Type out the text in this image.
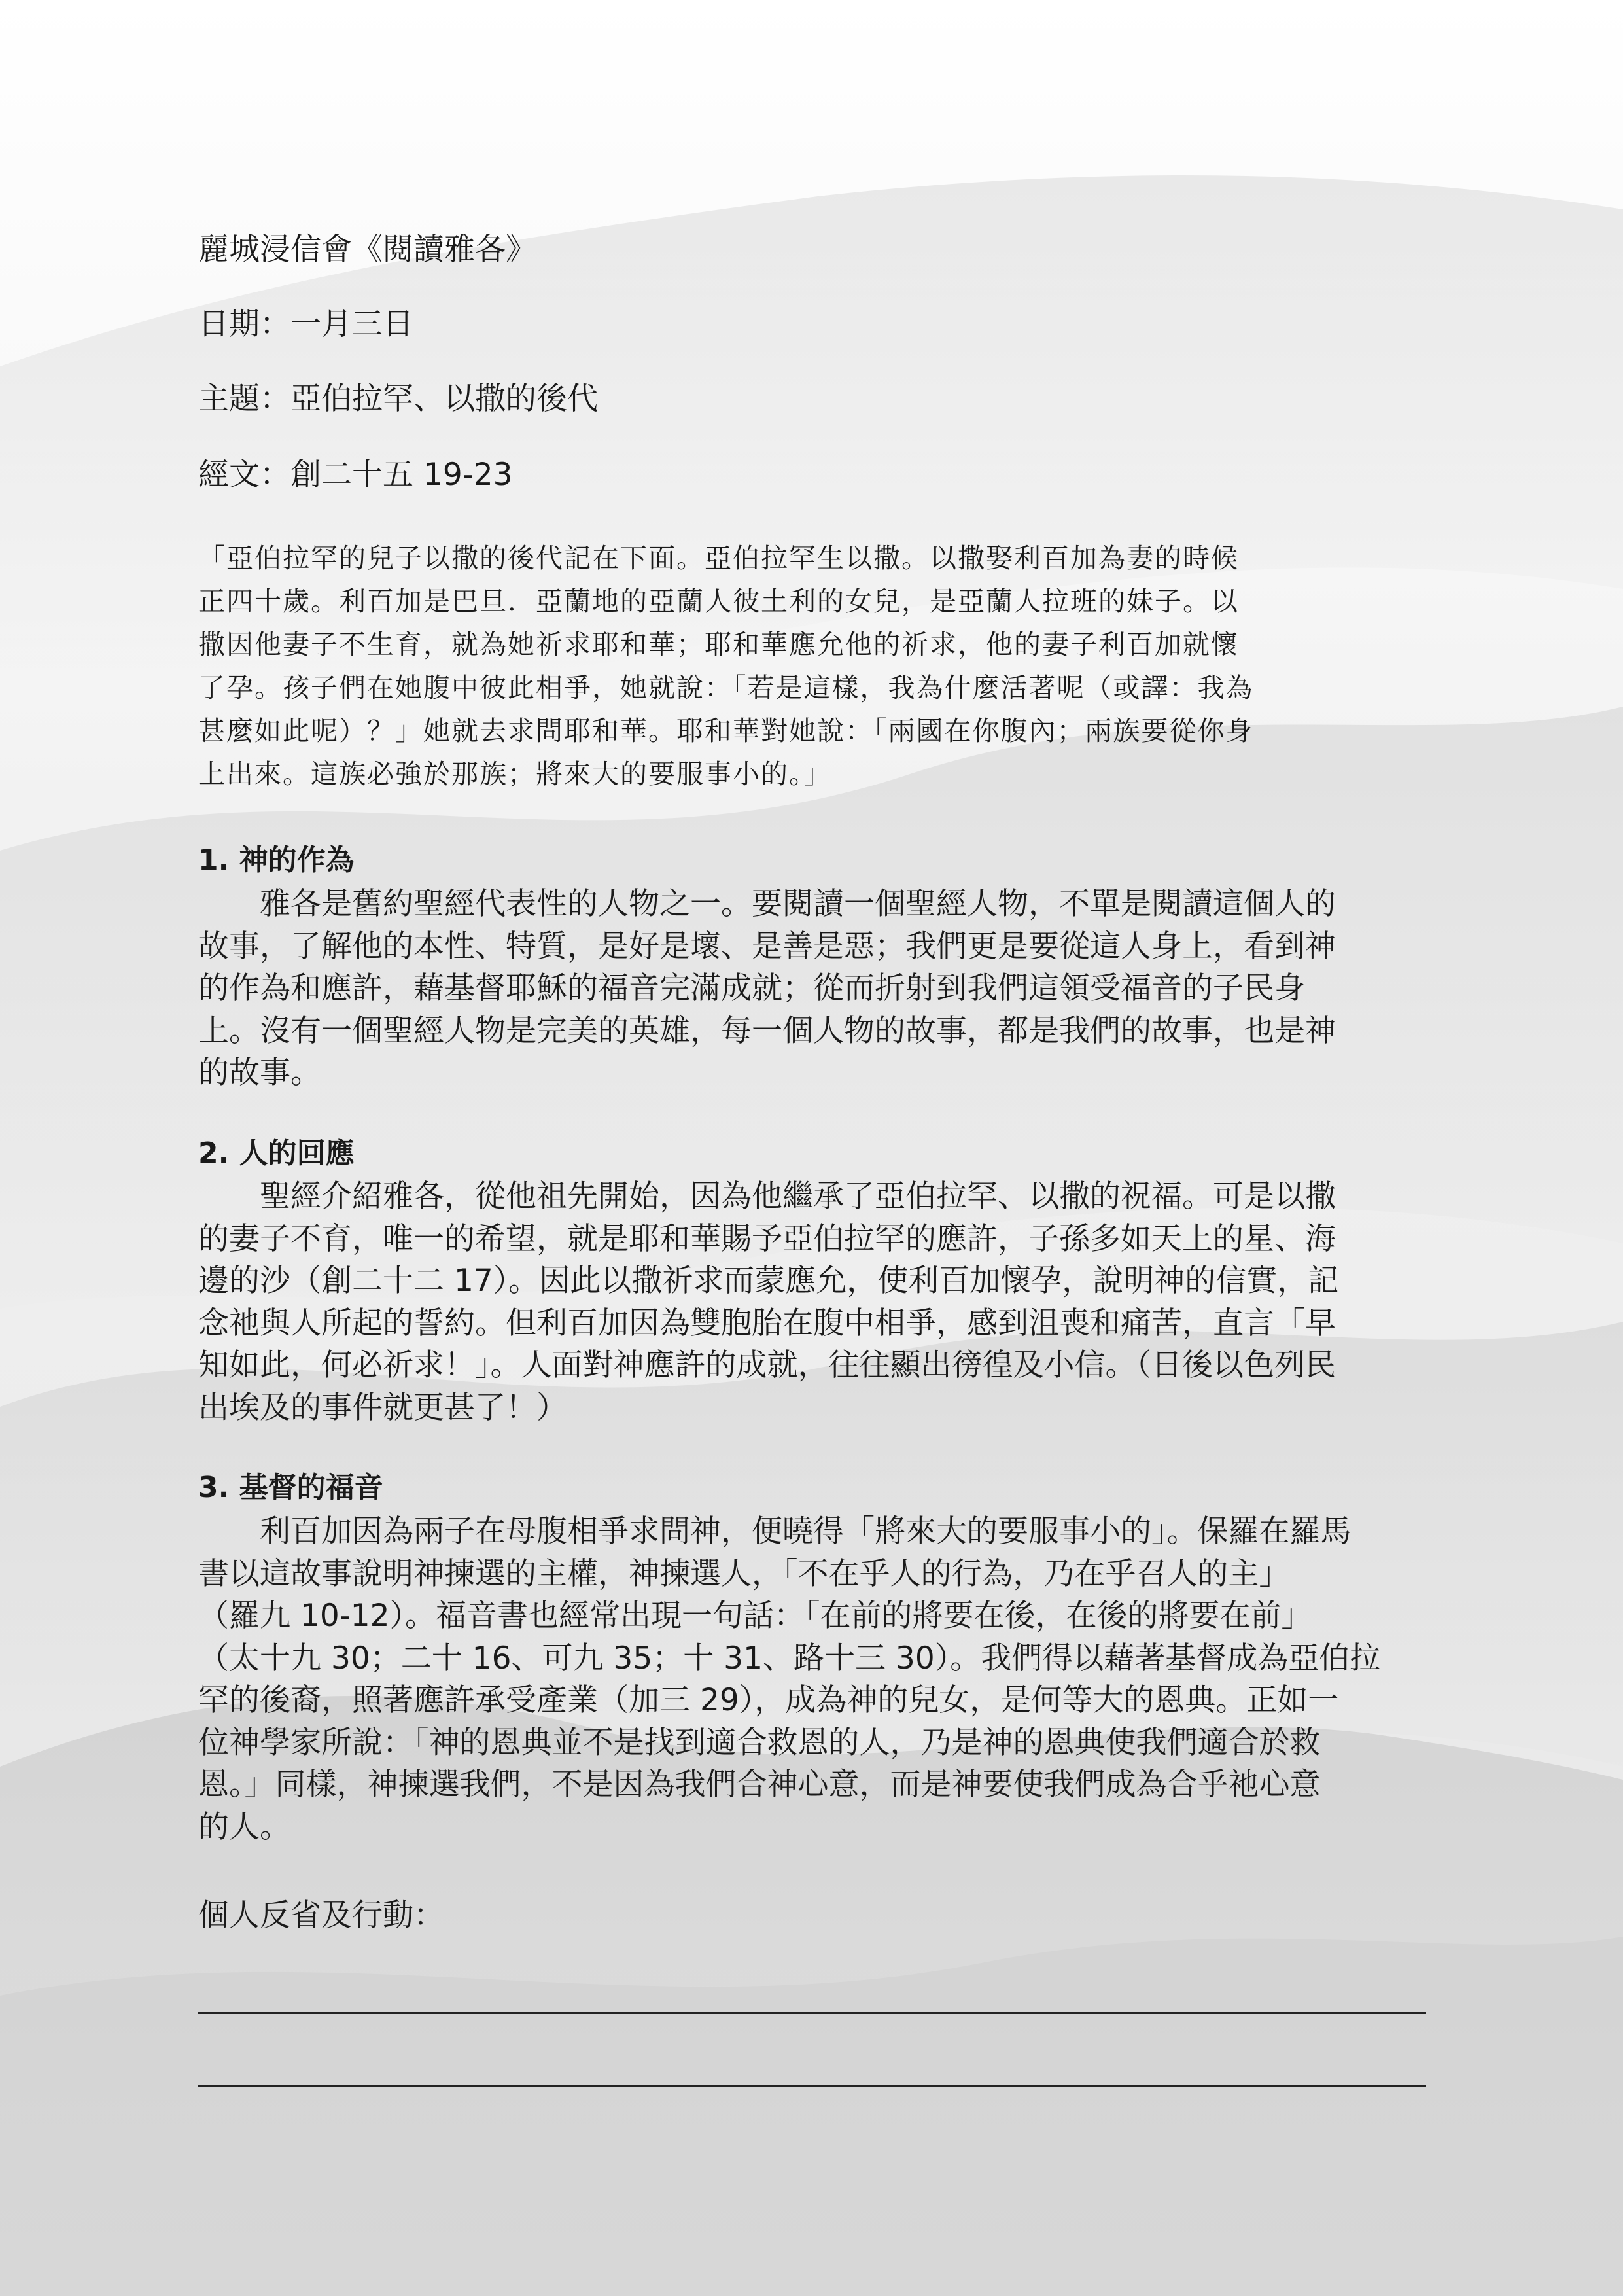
麗城浸信會《閱讀雅各》
日期：一月三日
主題：亞伯拉罕、以撒的後代
經文：創二十五 19-23
「亞伯拉罕的兒子以撒的後代記在下面。亞伯拉罕生以撒。以撒娶利百加為妻的時候
正四十歲。利百加是巴旦．亞蘭地的亞蘭人彼土利的女兒，是亞蘭人拉班的妹子。以
撒因他妻子不生育，就為她祈求耶和華；耶和華應允他的祈求，他的妻子利百加就懷
了孕。孩子們在她腹中彼此相爭，她就說：「若是這樣，我為什麼活著呢（或譯：我為
甚麼如此呢）？」她就去求問耶和華。耶和華對她說：「兩國在你腹內；兩族要從你身
上出來。這族必強於那族；將來大的要服事小的。」
1. 神的作為
　　雅各是舊約聖經代表性的人物之一。要閱讀一個聖經人物，不單是閱讀這個人的
故事，了解他的本性、特質，是好是壞、是善是惡；我們更是要從這人身上，看到神
的作為和應許，藉基督耶穌的福音完滿成就；從而折射到我們這領受福音的子民身
上。沒有一個聖經人物是完美的英雄，每一個人物的故事，都是我們的故事，也是神
的故事。
2. 人的回應
　　聖經介紹雅各，從他祖先開始，因為他繼承了亞伯拉罕、以撒的祝福。可是以撒
的妻子不育，唯一的希望，就是耶和華賜予亞伯拉罕的應許，子孫多如天上的星、海
邊的沙（創二十二 17）。因此以撒祈求而蒙應允，使利百加懷孕，說明神的信實，記
念祂與人所起的誓約。但利百加因為雙胞胎在腹中相爭，感到沮喪和痛苦，直言「早
知如此，何必祈求！」。人面對神應許的成就，往往顯出徬徨及小信。（日後以色列民
出埃及的事件就更甚了！）
3. 基督的福音
　　利百加因為兩子在母腹相爭求問神，便曉得「將來大的要服事小的」。保羅在羅馬
書以這故事說明神揀選的主權，神揀選人，「不在乎人的行為，乃在乎召人的主」
（羅九 10-12）。福音書也經常出現一句話：「在前的將要在後，在後的將要在前」
（太十九 30；二十 16、可九 35；十 31、路十三 30）。我們得以藉著基督成為亞伯拉
罕的後裔，照著應許承受產業（加三 29），成為神的兒女，是何等大的恩典。正如一
位神學家所說：「神的恩典並不是找到適合救恩的人，乃是神的恩典使我們適合於救
恩。」同樣，神揀選我們，不是因為我們合神心意，而是神要使我們成為合乎祂心意
的人。
個人反省及行動：
